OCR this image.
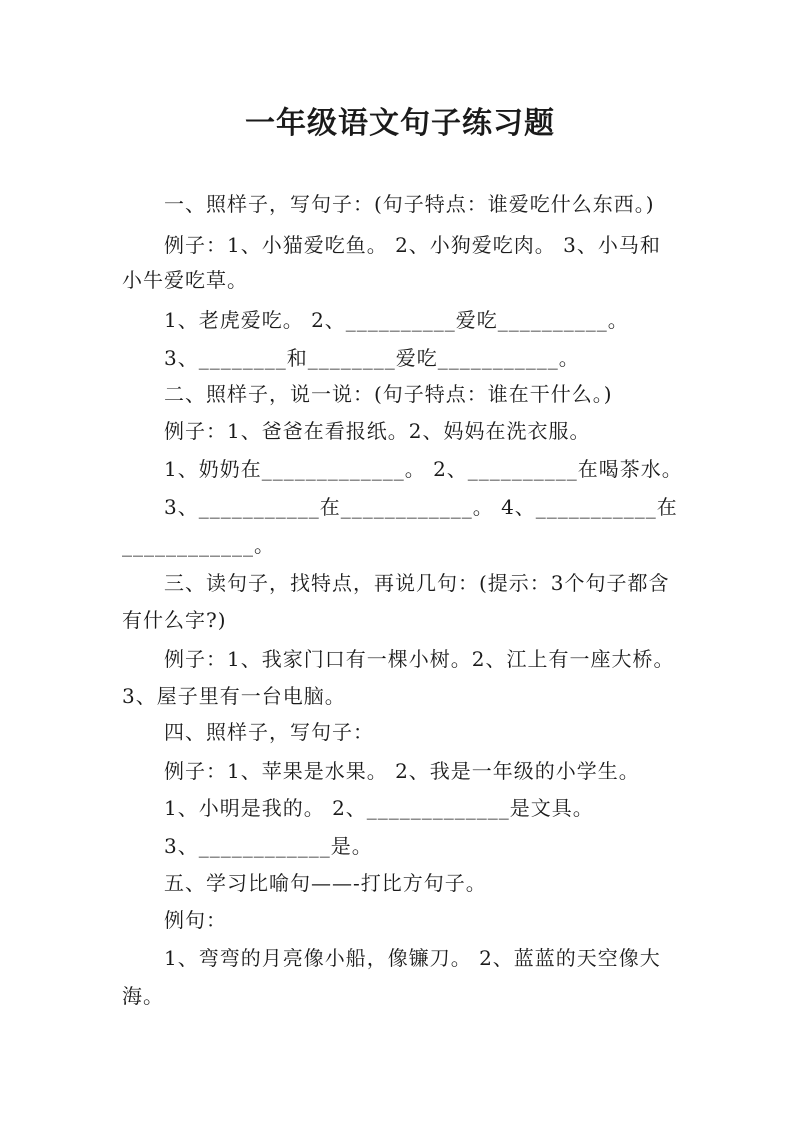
一年级语文句子练习题
一、照样子，写句子：(句子特点：谁爱吃什么东西。)
例子：1、小猫爱吃鱼。 2、小狗爱吃肉。 3、小马和
小牛爱吃草。
1、老虎爱吃。 2、__________爱吃__________。
3、________和________爱吃___________。
二、照样子，说一说：(句子特点：谁在干什么。)
例子：1、爸爸在看报纸。2、妈妈在洗衣服。
1、奶奶在_____________。 2、__________在喝茶水。
3、___________在____________。 4、___________在
____________。
三、读句子，找特点，再说几句：(提示：3个句子都含
有什么字?)
例子：1、我家门口有一棵小树。2、江上有一座大桥。
3、屋子里有一台电脑。
四、照样子，写句子：
例子：1、苹果是水果。 2、我是一年级的小学生。
1、小明是我的。 2、_____________是文具。
3、____________是。
五、学习比喻句——-打比方句子。
例句：
1、弯弯的月亮像小船，像镰刀。 2、蓝蓝的天空像大
海。
